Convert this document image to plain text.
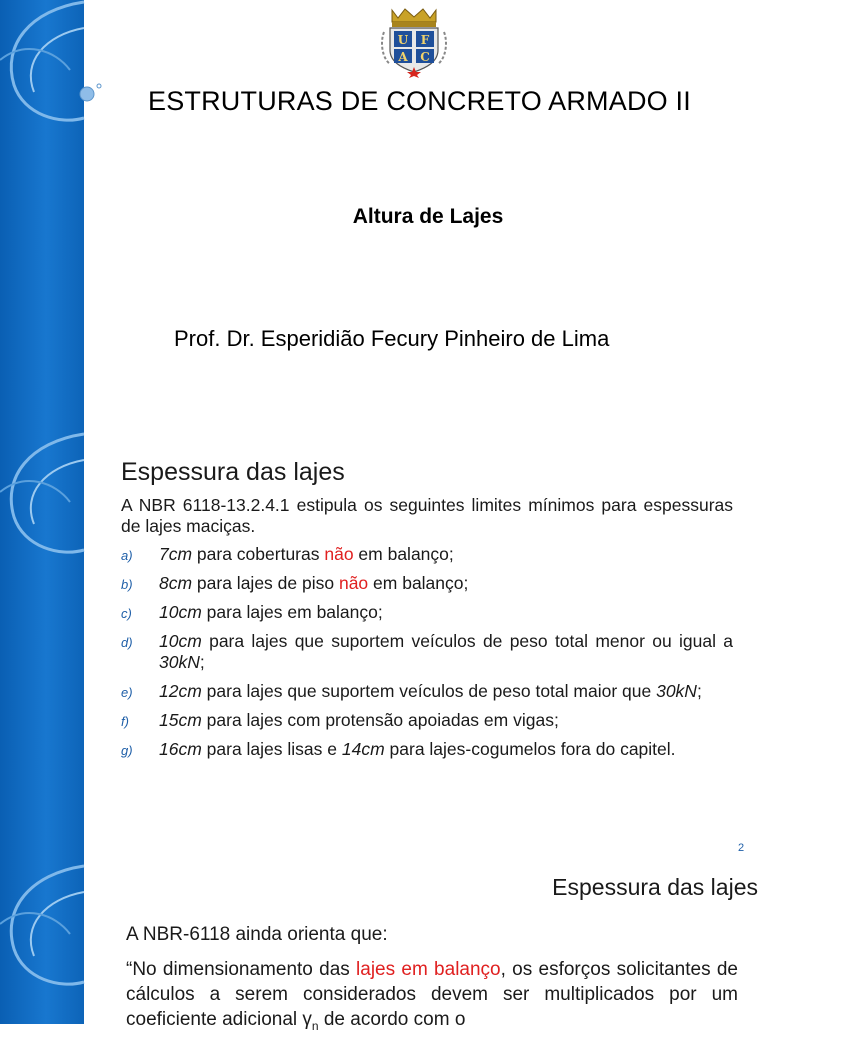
U F
A C
ESTRUTURAS DE CONCRETO ARMADO II
Altura de Lajes
Prof. Dr. Esperidião Fecury Pinheiro de Lima
Espessura das lajes
A NBR 6118-13.2.4.1 estipula os seguintes limites mínimos para espessuras de lajes maciças.
a) 7cm para coberturas não em balanço;
b) 8cm para lajes de piso não em balanço;
c) 10cm para lajes em balanço;
d) 10cm para lajes que suportem veículos de peso total menor ou igual a 30kN;
e) 12cm para lajes que suportem veículos de peso total maior que 30kN;
f) 15cm para lajes com protensão apoiadas em vigas;
g) 16cm para lajes lisas e 14cm para lajes-cogumelos fora do capitel.
2
Espessura das lajes
A NBR-6118 ainda orienta que:
“No dimensionamento das lajes em balanço, os esforços solicitantes de cálculos a serem considerados devem ser multiplicados por um coeficiente adicional $\gamma_n$ de acordo com o
